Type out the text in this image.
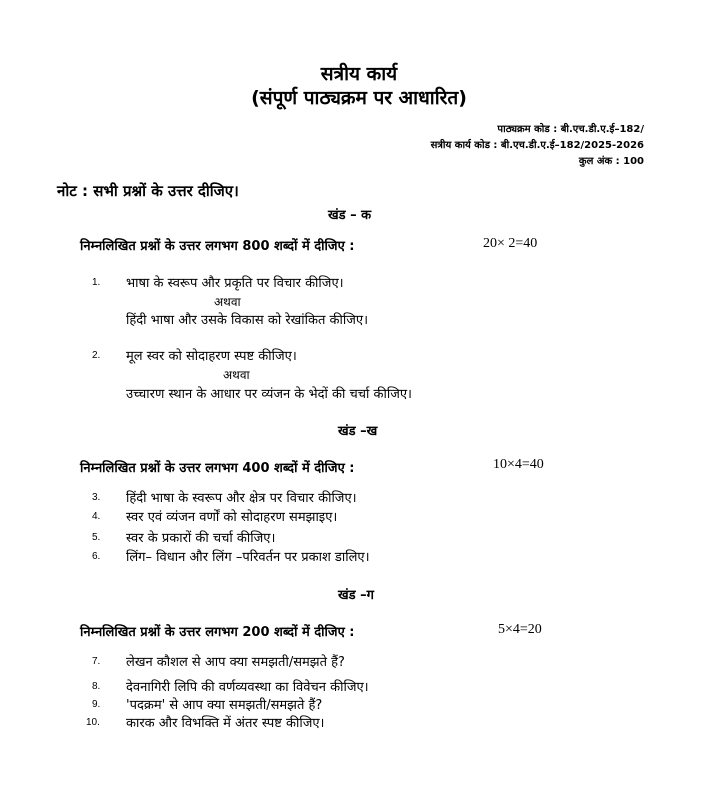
सत्रीय कार्य
(संपूर्ण पाठ्यक्रम पर आधारित)
पाठ्यक्रम कोड : बी.एच.डी.ए.ई–182/
सत्रीय कार्य कोड : बी.एच.डी.ए.ई–182/2025-2026
कुल अंक : 100
नोट : सभी प्रश्नों के उत्तर दीजिए।
खंड – क
निम्नलिखित प्रश्नों के उत्तर लगभग 800 शब्दों में दीजिए :	20× 2=40
1. भाषा के स्वरूप और प्रकृति पर विचार कीजिए।
अथवा
हिंदी भाषा और उसके विकास को रेखांकित कीजिए।
2. मूल स्वर को सोदाहरण स्पष्ट कीजिए।
अथवा
उच्चारण स्थान के आधार पर व्यंजन के भेदों की चर्चा कीजिए।
खंड –ख
निम्नलिखित प्रश्नों के उत्तर लगभग 400 शब्दों में दीजिए :	10×4=40
3. हिंदी भाषा के स्वरूप और क्षेत्र पर विचार कीजिए।
4. स्वर एवं व्यंजन वर्णों को सोदाहरण समझाइए।
5. स्वर के प्रकारों की चर्चा कीजिए।
6. लिंग– विधान और लिंग –परिवर्तन पर प्रकाश डालिए।
खंड –ग
निम्नलिखित प्रश्नों के उत्तर लगभग 200 शब्दों में दीजिए :	5×4=20
7. लेखन कौशल से आप क्या समझती/समझते हैं?
8. देवनागिरी लिपि की वर्णव्यवस्था का विवेचन कीजिए।
9. 'पदक्रम' से आप क्या समझती/समझते हैं?
10. कारक और विभक्ति में अंतर स्पष्ट कीजिए।
